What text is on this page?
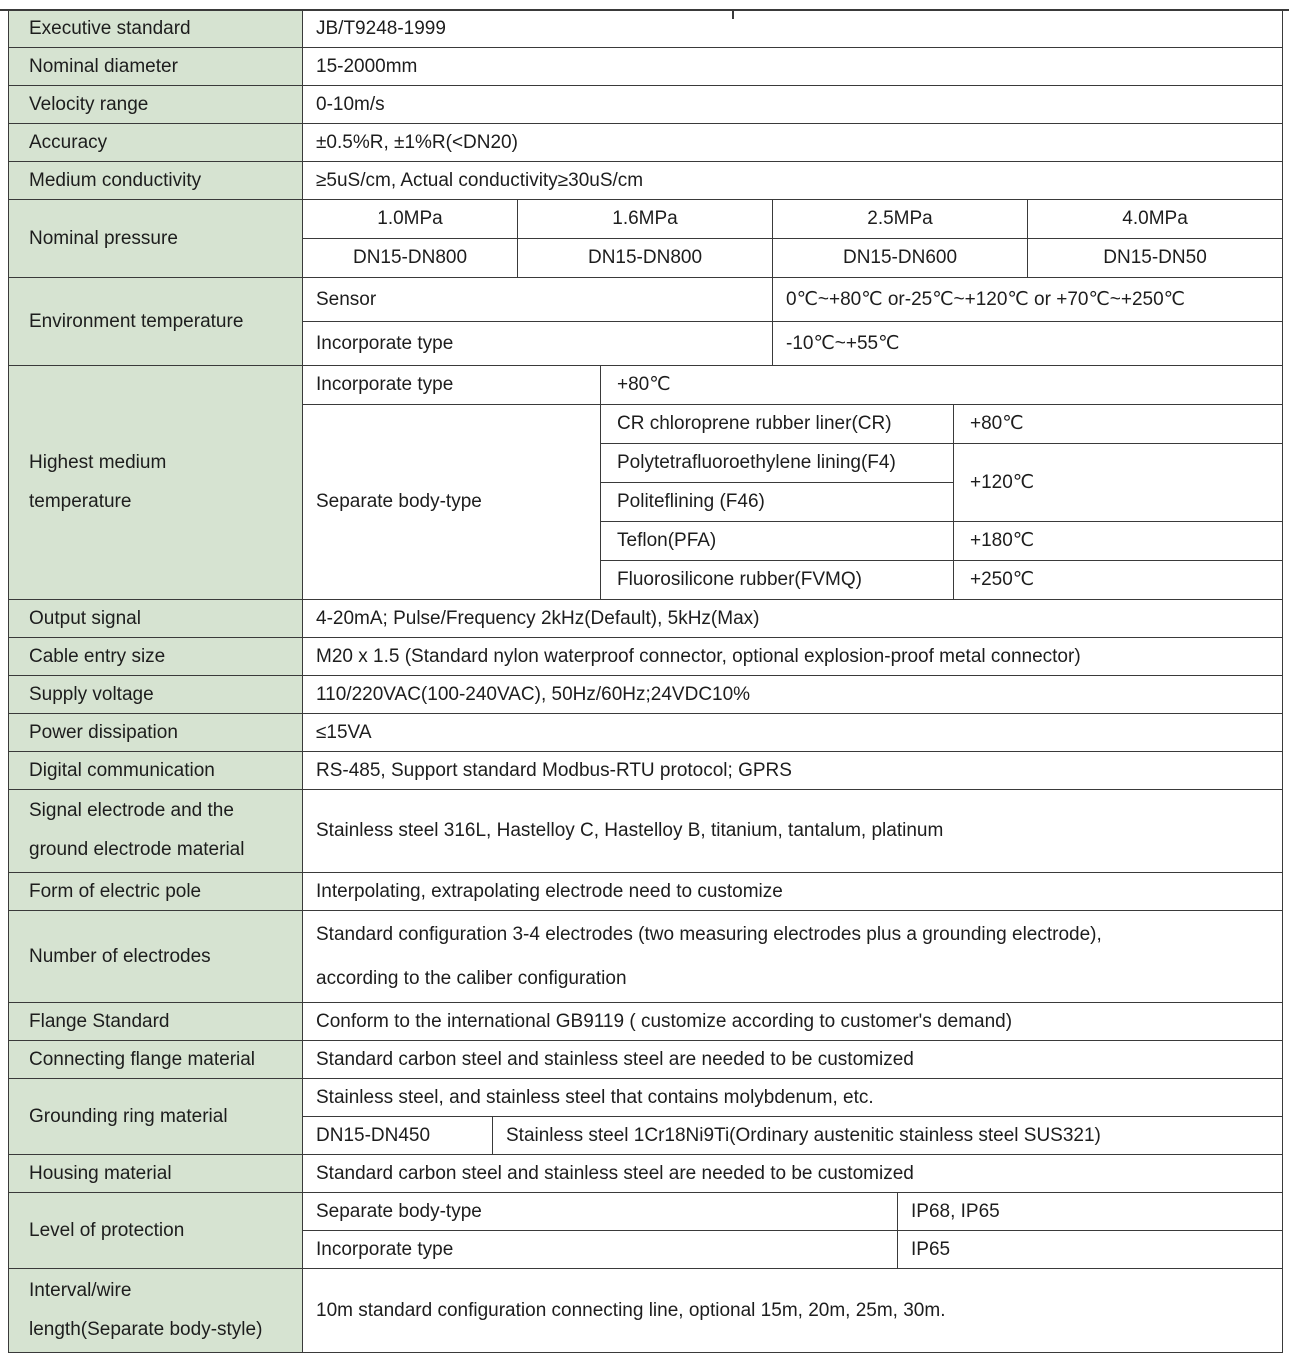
Executive standard	JB/T9248-1999							
Nominal diameter	15-2000mm							
Velocity range	0-10m/s							
Accuracy	±0.5%R, ±1%R(<DN20)							
Medium conductivity	≥5uS/cm, Actual conductivity≥30uS/cm							
Nominal pressure	1.0MPa		1.6MPa		2.5MPa			4.0MPa
	DN15-DN800		DN15-DN800		DN15-DN600			DN15-DN50
Environment temperature	Sensor				0℃~+80℃ or-25℃~+120℃ or +70℃~+250℃			
	Incorporate type				-10℃~+55℃			

Highest medium
temperature	Incorporate type			+80℃				
	Separate body-type			CR chloroprene rubber liner(CR)			+80℃	
				Polytetrafluoroethylene lining(F4)			+120℃	
				Politeflining (F46)				
				Teflon(PFA)			+180℃	
				Fluorosilicone rubber(FVMQ)			+250℃	
Output signal	4-20mA; Pulse/Frequency 2kHz(Default), 5kHz(Max)							
Cable entry size	M20 x 1.5 (Standard nylon waterproof connector, optional explosion-proof metal connector)							
Supply voltage	110/220VAC(100-240VAC), 50Hz/60Hz;24VDC10%							
Power dissipation	≤15VA							
Digital communication	RS-485, Support standard Modbus-RTU protocol; GPRS							

Signal electrode and the
ground electrode material	Stainless steel 316L, Hastelloy C, Hastelloy B, titanium, tantalum, platinum							
Form of electric pole	Interpolating, extrapolating electrode need to customize							
Number of electrodes	Standard configuration 3-4 electrodes (two measuring electrodes plus a grounding electrode),
according to the caliber configuration							

Flange Standard	Conform to the international GB9119 ( customize according to customer's demand)							
Connecting flange material	Standard carbon steel and stainless steel are needed to be customized							
Grounding ring material	Stainless steel, and stainless steel that contains molybdenum, etc.							
	DN15-DN450	Stainless steel 1Cr18Ni9Ti(Ordinary austenitic stainless steel SUS321)						
Housing material	Standard carbon steel and stainless steel are needed to be customized							
Level of protection	Separate body-type					IP68, IP65		
	Incorporate type					IP65		

Interval/wire
length(Separate body-style)	10m standard configuration connecting line, optional 15m, 20m, 25m, 30m.							
